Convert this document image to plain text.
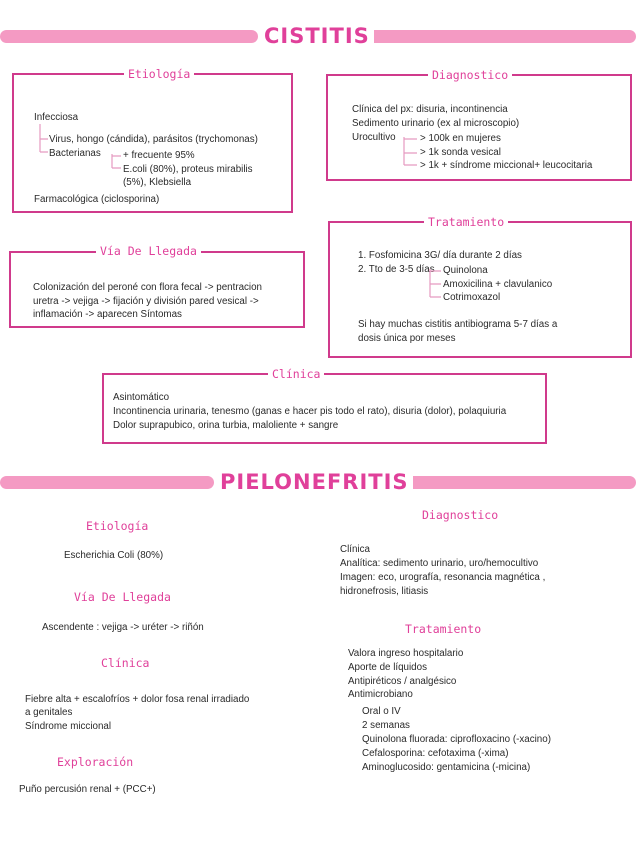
CISTITIS
Etiología
Infecciosa
Virus, hongo (cándida), parásitos (trychomonas)
Bacterianas + frecuente 95%
E.coli (80%), proteus mirabilis
(5%), Klebsiella
Farmacológica (ciclosporina)
Diagnostico
Clínica del px: disuria, incontinencia
Sedimento urinario (ex al microscopio)
Urocultivo > 100k en mujeres
> 1k sonda vesical
> 1k + síndrome miccional+ leucocitaria
Tratamiento
1. Fosfomicina 3G/ día durante 2 días
2. Tto de 3-5 días Quinolona
Amoxicilina + clavulanico
Cotrimoxazol
Si hay muchas cistitis antibiograma 5-7 días a
dosis única por meses
Vía De Llegada
Colonización del peroné con flora fecal -> pentracion
uretra -> vejiga -> fijación y división pared vesical ->
inflamación -> aparecen Síntomas
Clínica
Asintomático
Incontinencia urinaria, tenesmo (ganas e hacer pis todo el rato), disuria (dolor), polaquiuria
Dolor suprapubico, orina turbia, maloliente + sangre
PIELONEFRITIS
Etiología
Escherichia Coli (80%)
Vía De Llegada
Ascendente : vejiga -> uréter -> riñón
Clínica
Fiebre alta + escalofríos + dolor fosa renal irradiado
a genitales
Síndrome miccional
Exploración
Puño percusión renal + (PCC+)
Diagnostico
Clínica
Analítica: sedimento urinario, uro/hemocultivo
Imagen: eco, urografía, resonancia magnética ,
hidronefrosis, litiasis
Tratamiento
Valora ingreso hospitalario
Aporte de líquidos
Antipiréticos / analgésico
Antimicrobiano
Oral o IV
2 semanas
Quinolona fluorada: ciprofloxacino (-xacino)
Cefalosporina: cefotaxima (-xima)
Aminoglucosido: gentamicina (-micina)
